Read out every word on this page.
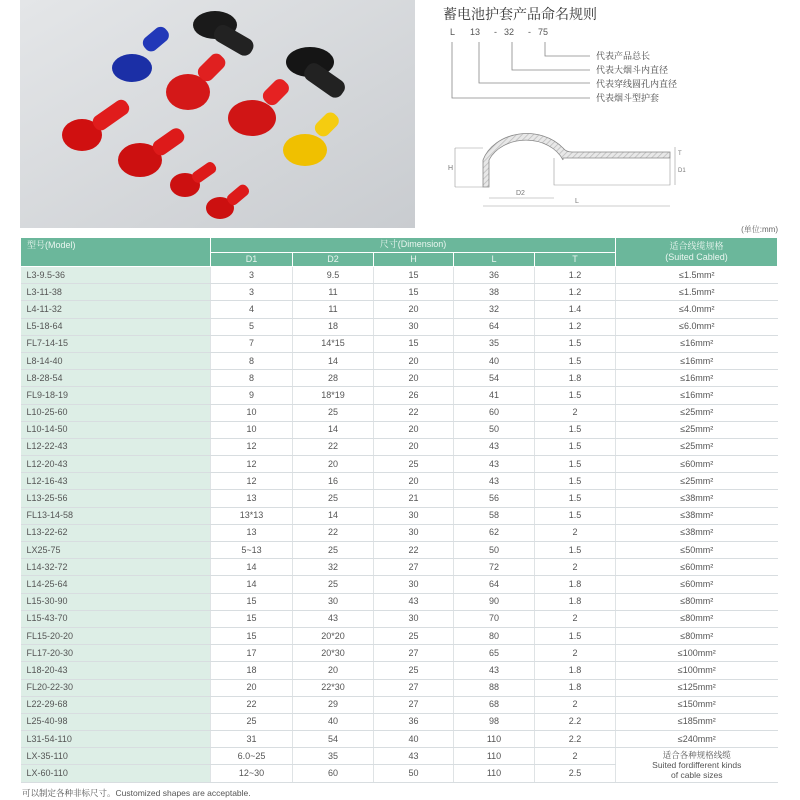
蓄电池护套产品命名规则
L 13 - 32 - 75
代表产品总长
代表大烟斗内直径
代表穿线圆孔内直径
代表烟斗型护套
H
D2
L
D1
T
(单位:mm)
型号(Model)	尺寸(Dimension)					适合线缆规格
(Suited Cabled)

	D1	D2	H	L	T	
L3-9.5-36	3	9.5	15	36	1.2	≤1.5mm²
L3-11-38	3	11	15	38	1.2	≤1.5mm²
L4-11-32	4	11	20	32	1.4	≤4.0mm²
L5-18-64	5	18	30	64	1.2	≤6.0mm²
FL7-14-15	7	14*15	15	35	1.5	≤16mm²
L8-14-40	8	14	20	40	1.5	≤16mm²
L8-28-54	8	28	20	54	1.8	≤16mm²
FL9-18-19	9	18*19	26	41	1.5	≤16mm²
L10-25-60	10	25	22	60	2	≤25mm²
L10-14-50	10	14	20	50	1.5	≤25mm²
L12-22-43	12	22	20	43	1.5	≤25mm²
L12-20-43	12	20	25	43	1.5	≤60mm²
L12-16-43	12	16	20	43	1.5	≤25mm²
L13-25-56	13	25	21	56	1.5	≤38mm²
FL13-14-58	13*13	14	30	58	1.5	≤38mm²
L13-22-62	13	22	30	62	2	≤38mm²
LX25-75	5~13	25	22	50	1.5	≤50mm²
L14-32-72	14	32	27	72	2	≤60mm²
L14-25-64	14	25	30	64	1.8	≤60mm²
L15-30-90	15	30	43	90	1.8	≤80mm²
L15-43-70	15	43	30	70	2	≤80mm²
FL15-20-20	15	20*20	25	80	1.5	≤80mm²
FL17-20-30	17	20*30	27	65	2	≤100mm²
L18-20-43	18	20	25	43	1.8	≤100mm²
FL20-22-30	20	22*30	27	88	1.8	≤125mm²
L22-29-68	22	29	27	68	2	≤150mm²
L25-40-98	25	40	36	98	2.2	≤185mm²
L31-54-110	31	54	40	110	2.2	≤240mm²
LX-35-110	6.0~25	35	43	110	2	适合各种规格线缆
Suited fordifferent kinds
of cable sizes

LX-60-110	12~30	60	50	110	2.5	
可以制定各种非标尺寸。Customized shapes are acceptable.
